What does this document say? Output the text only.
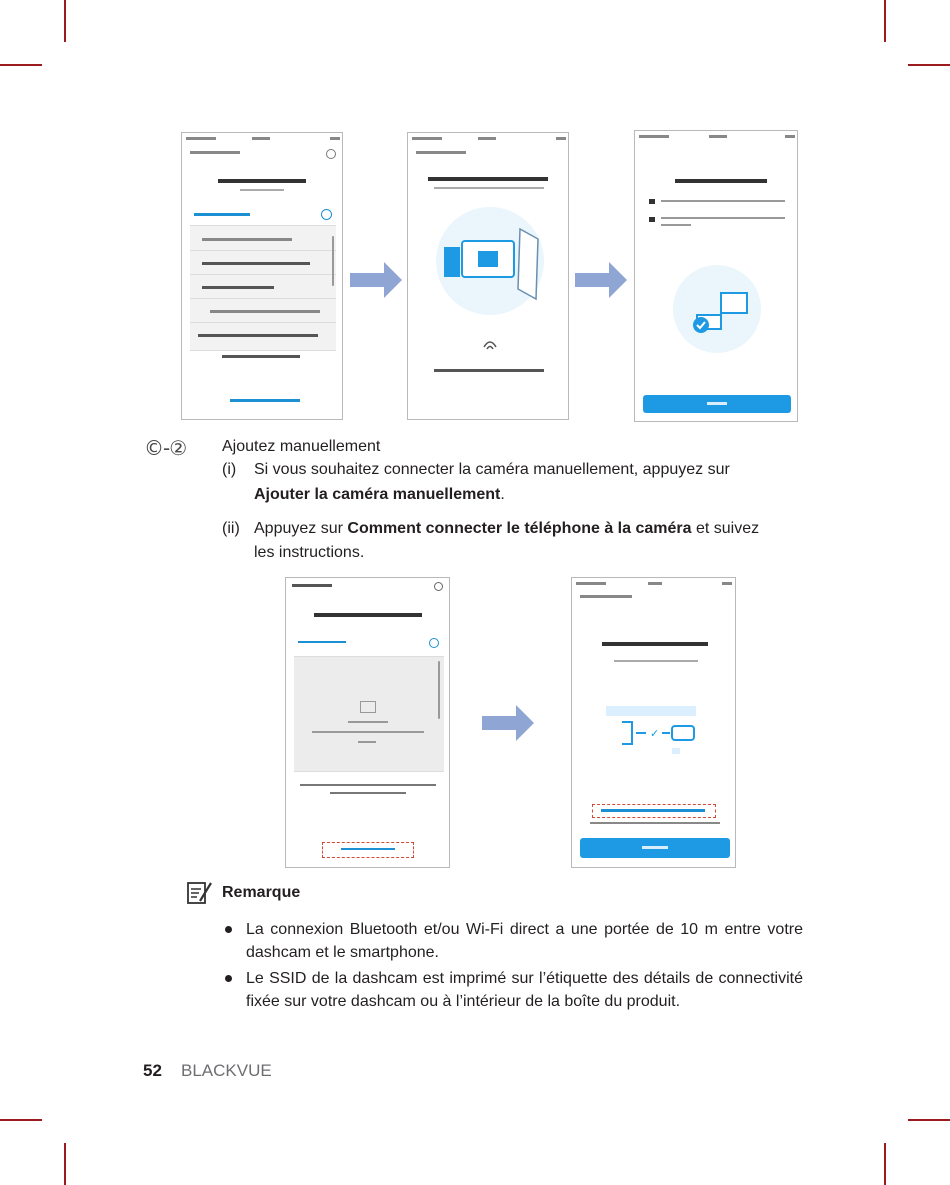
©-② Ajoutez manuellement
(i) Si vous souhaitez connecter la caméra manuellement, appuyez sur
Ajouter la caméra manuellement.
(ii) Appuyez sur Comment connecter le téléphone à la caméra et suivez
les instructions.
✓
Remarque
La connexion Bluetooth et/ou Wi-Fi direct a une portée de 10 m entre votre dashcam et le smartphone.
Le SSID de la dashcam est imprimé sur l’étiquette des détails de connectivité fixée sur votre dashcam ou à l’intérieur de la boîte du produit.
52 BLACKVUE
